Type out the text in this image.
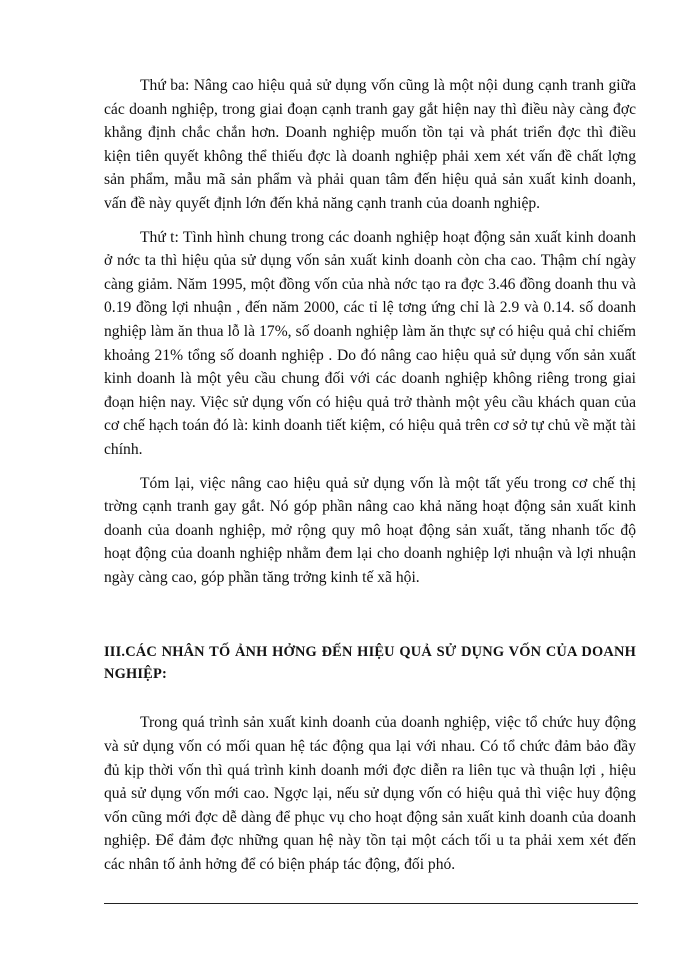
Thứ ba: Nâng cao hiệu quả sử dụng vốn cũng là một nội dung cạnh tranh giữa các doanh nghiệp, trong giai đoạn cạnh tranh gay gắt hiện nay thì điều này càng đợc khẳng định chắc chắn hơn. Doanh nghiệp muốn tồn tại và phát triển đợc thì điều kiện tiên quyết không thể thiếu đợc là doanh nghiệp phải xem xét vấn đề chất lợng sản phẩm, mẫu mã sản phẩm và phải quan tâm đến hiệu quả sản xuất kinh doanh, vấn đề này quyết định lớn đến khả năng cạnh tranh của doanh nghiệp.

Thứ t: Tình hình chung trong các doanh nghiệp hoạt động sản xuất kinh doanh ở nớc ta thì hiệu qủa sử dụng vốn sản xuất kinh doanh còn cha cao. Thậm chí ngày càng giảm. Năm 1995, một đồng vốn của nhà nớc tạo ra đợc 3.46 đồng doanh thu và 0.19 đồng lợi nhuận , đến năm 2000, các tỉ lệ tơng ứng chỉ là 2.9 và 0.14. số doanh nghiệp làm ăn thua lỗ là 17%, số doanh nghiệp làm ăn thực sự có hiệu quả chỉ chiếm khoảng 21% tổng số doanh nghiệp . Do đó nâng cao hiệu quả sử dụng vốn sản xuất kinh doanh là một yêu cầu chung đối với các doanh nghiệp không riêng trong giai đoạn hiện nay. Việc sử dụng vốn có hiệu quả trở thành một yêu cầu khách quan của cơ chế hạch toán đó là: kinh doanh tiết kiệm, có hiệu quả trên cơ sở tự chủ về mặt tài chính.

Tóm lại, việc nâng cao hiệu quả sử dụng vốn là một tất yếu trong cơ chế thị trờng cạnh tranh gay gắt. Nó góp phần nâng cao khả năng hoạt động sản xuất kinh doanh của doanh nghiệp, mở rộng quy mô hoạt động sản xuất, tăng nhanh tốc độ hoạt động của doanh nghiệp nhằm đem lại cho doanh nghiệp lợi nhuận và lợi nhuận ngày càng cao, góp phần tăng trởng kinh tế xã hội.

III.CÁC NHÂN TỐ ẢNH HỞNG ĐẾN HIỆU QUẢ SỬ DỤNG VỐN CỦA DOANH NGHIỆP:

Trong quá trình sản xuất kinh doanh của doanh nghiệp, việc tổ chức huy động và sử dụng vốn có mối quan hệ tác động qua lại với nhau. Có tổ chức đảm bảo đầy đủ kịp thời vốn thì quá trình kinh doanh mới đợc diễn ra liên tục và thuận lợi , hiệu quả sử dụng vốn mới cao. Ngợc lại, nếu sử dụng vốn có hiệu quả thì việc huy động vốn cũng mới đợc dễ dàng để phục vụ cho hoạt động sản xuất kinh doanh của doanh nghiệp. Để đảm đợc những quan hệ này tồn tại một cách tối u ta phải xem xét đến các nhân tố ảnh hởng để có biện pháp tác động, đối phó.
